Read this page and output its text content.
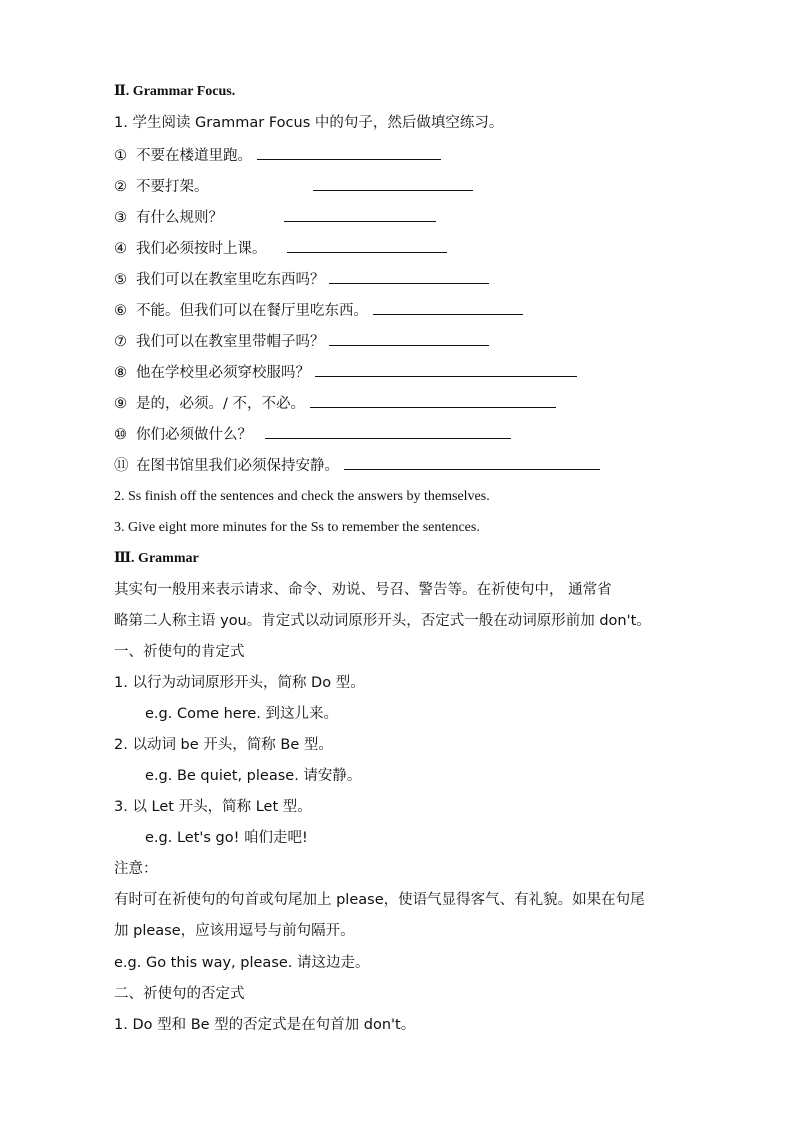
Ⅱ. Grammar Focus.
1. 学生阅读 Grammar Focus 中的句子，然后做填空练习。
① 不要在楼道里跑。
② 不要打架。
③ 有什么规则？
④ 我们必须按时上课。
⑤ 我们可以在教室里吃东西吗？
⑥ 不能。但我们可以在餐厅里吃东西。
⑦ 我们可以在教室里带帽子吗？
⑧ 他在学校里必须穿校服吗？
⑨ 是的，必须。/ 不，不必。
⑩ 你们必须做什么？
⑪ 在图书馆里我们必须保持安静。
2. Ss finish off the sentences and check the answers by themselves.
3. Give eight more minutes for the Ss to remember the sentences.
Ⅲ. Grammar
其实句一般用来表示请求、命令、劝说、号召、警告等。在祈使句中， 通常省
略第二人称主语 you。肯定式以动词原形开头，否定式一般在动词原形前加 don't。
一、祈使句的肯定式
1. 以行为动词原形开头，简称 Do 型。
e.g. Come here. 到这儿来。
2. 以动词 be 开头，简称 Be 型。
e.g. Be quiet, please. 请安静。
3. 以 Let 开头，简称 Let 型。
e.g. Let's go! 咱们走吧!
注意：
有时可在祈使句的句首或句尾加上 please，使语气显得客气、有礼貌。如果在句尾
加 please，应该用逗号与前句隔开。
e.g. Go this way, please. 请这边走。
二、祈使句的否定式
1. Do 型和 Be 型的否定式是在句首加 don't。
